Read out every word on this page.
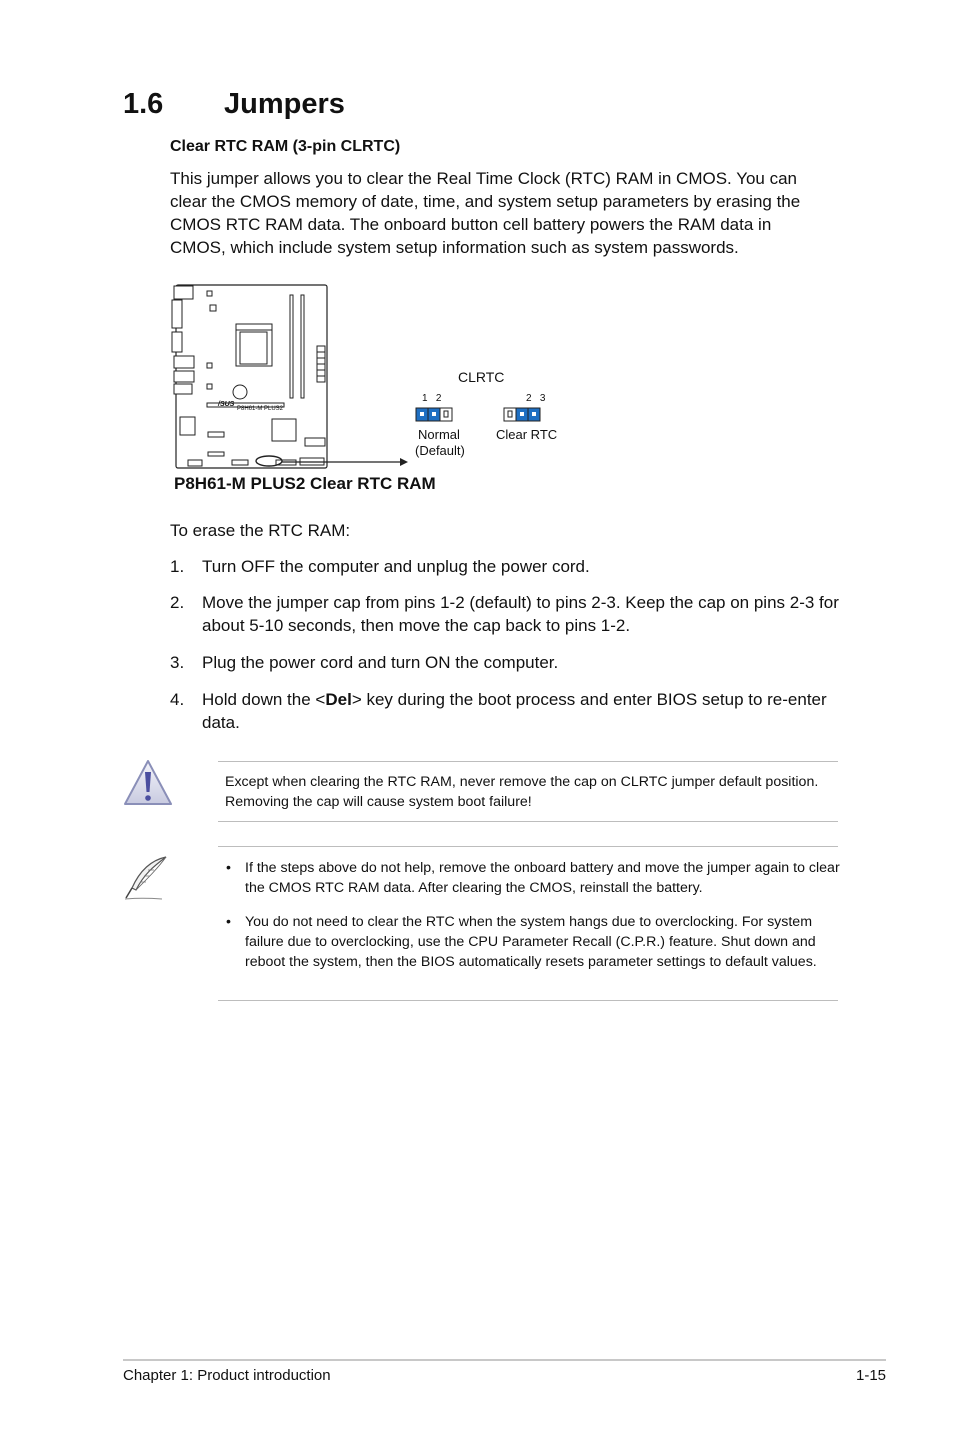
1.6 Jumpers
Clear RTC RAM (3-pin CLRTC)
This jumper allows you to clear the Real Time Clock (RTC) RAM in CMOS. You can clear the CMOS memory of date, time, and system setup parameters by erasing the CMOS RTC RAM data. The onboard button cell battery powers the RAM data in CMOS, which include system setup information such as system passwords.
/SUS
P8H61-M PLUS2
CLRTC
1   2	2   3
Normal
(Default)
Clear RTC
P8H61-M PLUS2 Clear RTC RAM
To erase the RTC RAM:
1. Turn OFF the computer and unplug the power cord.
2. Move the jumper cap from pins 1-2 (default) to pins 2-3. Keep the cap on pins 2-3 for about 5-10 seconds, then move the cap back to pins 1-2.
3. Plug the power cord and turn ON the computer.
4. Hold down the <Del> key during the boot process and enter BIOS setup to re-enter data.
Except when clearing the RTC RAM, never remove the cap on CLRTC jumper default position. Removing the cap will cause system boot failure!
• If the steps above do not help, remove the onboard battery and move the jumper again to clear the CMOS RTC RAM data. After clearing the CMOS, reinstall the battery.
• You do not need to clear the RTC when the system hangs due to overclocking. For system failure due to overclocking, use the CPU Parameter Recall (C.P.R.) feature. Shut down and reboot the system, then the BIOS automatically resets parameter settings to default values.
Chapter 1: Product introduction	1-15
